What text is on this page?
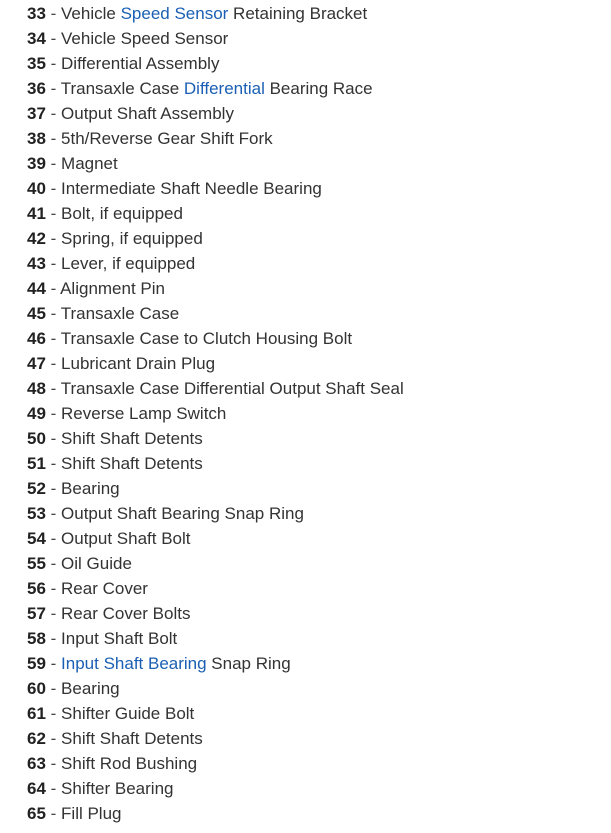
33 - Vehicle Speed Sensor Retaining Bracket
34 - Vehicle Speed Sensor
35 - Differential Assembly
36 - Transaxle Case Differential Bearing Race
37 - Output Shaft Assembly
38 - 5th/Reverse Gear Shift Fork
39 - Magnet
40 - Intermediate Shaft Needle Bearing
41 - Bolt, if equipped
42 - Spring, if equipped
43 - Lever, if equipped
44 - Alignment Pin
45 - Transaxle Case
46 - Transaxle Case to Clutch Housing Bolt
47 - Lubricant Drain Plug
48 - Transaxle Case Differential Output Shaft Seal
49 - Reverse Lamp Switch
50 - Shift Shaft Detents
51 - Shift Shaft Detents
52 - Bearing
53 - Output Shaft Bearing Snap Ring
54 - Output Shaft Bolt
55 - Oil Guide
56 - Rear Cover
57 - Rear Cover Bolts
58 - Input Shaft Bolt
59 - Input Shaft Bearing Snap Ring
60 - Bearing
61 - Shifter Guide Bolt
62 - Shift Shaft Detents
63 - Shift Rod Bushing
64 - Shifter Bearing
65 - Fill Plug
